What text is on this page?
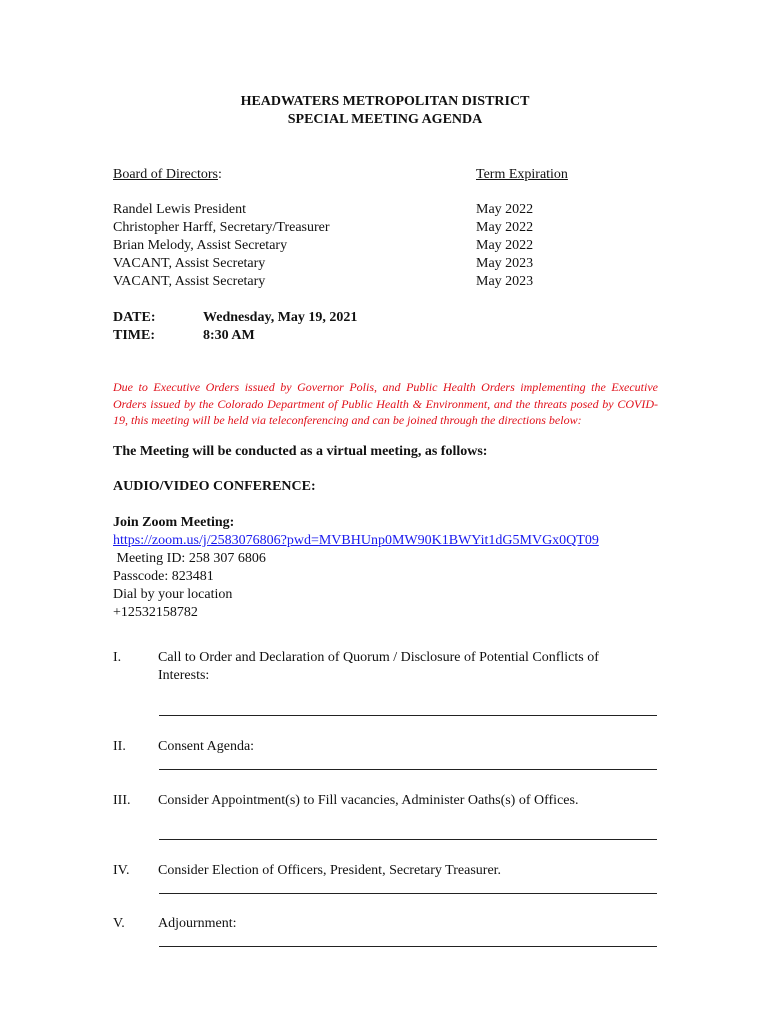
HEADWATERS METROPOLITAN DISTRICT
SPECIAL MEETING AGENDA
Board of Directors:	Term Expiration
Randel Lewis President	May 2022
Christopher Harff, Secretary/Treasurer	May 2022
Brian Melody, Assist Secretary	May 2022
VACANT, Assist Secretary	May 2023
VACANT, Assist Secretary	May 2023
DATE:	Wednesday, May 19, 2021
TIME:	8:30 AM
Due to Executive Orders issued by Governor Polis, and Public Health Orders implementing the Executive Orders issued by the Colorado Department of Public Health & Environment, and the threats posed by COVID-19, this meeting will be held via teleconferencing and can be joined through the directions below:
The Meeting will be conducted as a virtual meeting, as follows:
AUDIO/VIDEO CONFERENCE:
Join Zoom Meeting:
https://zoom.us/j/2583076806?pwd=MVBHUnp0MW90K1BWYit1dG5MVGx0QT09
Meeting ID: 258 307 6806
Passcode: 823481
Dial by your location
+12532158782
I.	Call to Order and Declaration of Quorum / Disclosure of Potential Conflicts of
Interests:
II. Consent Agenda:
III. Consider Appointment(s) to Fill vacancies, Administer Oaths(s) of Offices.
IV. Consider Election of Officers, President, Secretary Treasurer.
V. Adjournment:
